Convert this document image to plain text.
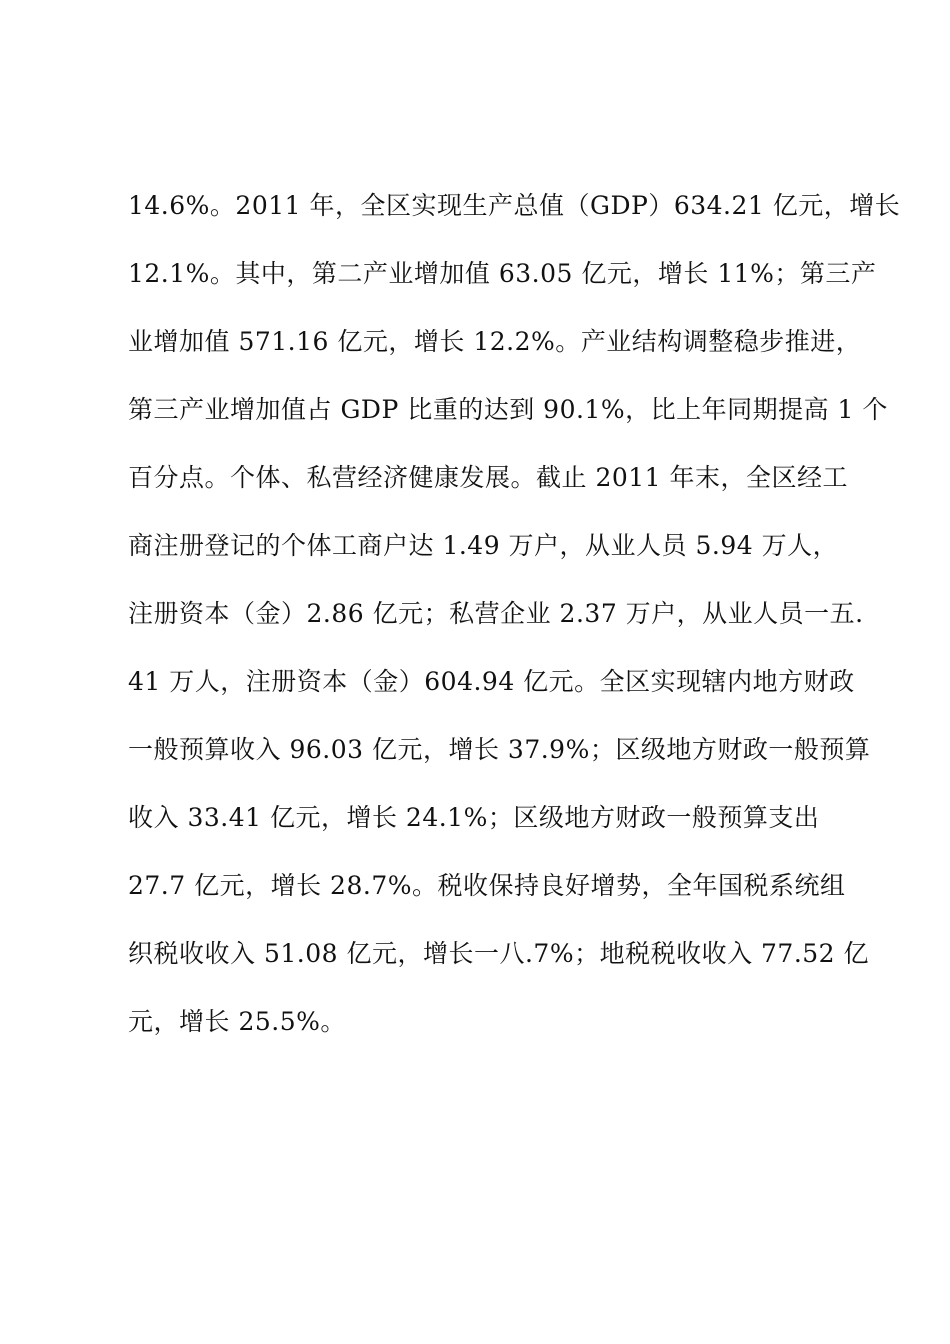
14.6%。2011 年，全区实现生产总值（GDP）634.21 亿元，增长
12.1%。其中，第二产业增加值 63.05 亿元，增长 11%；第三产
业增加值 571.16 亿元，增长 12.2%。产业结构调整稳步推进，
第三产业增加值占 GDP 比重的达到 90.1%，比上年同期提高 1 个
百分点。个体、私营经济健康发展。截止 2011 年末，全区经工
商注册登记的个体工商户达 1.49 万户，从业人员 5.94 万人，
注册资本（金）2.86 亿元；私营企业 2.37 万户，从业人员一五.
41 万人，注册资本（金）604.94 亿元。全区实现辖内地方财政
一般预算收入 96.03 亿元，增长 37.9%；区级地方财政一般预算
收入 33.41 亿元，增长 24.1%；区级地方财政一般预算支出
27.7 亿元，增长 28.7%。税收保持良好增势，全年国税系统组
织税收收入 51.08 亿元，增长一八.7%；地税税收收入 77.52 亿
元，增长 25.5%。
